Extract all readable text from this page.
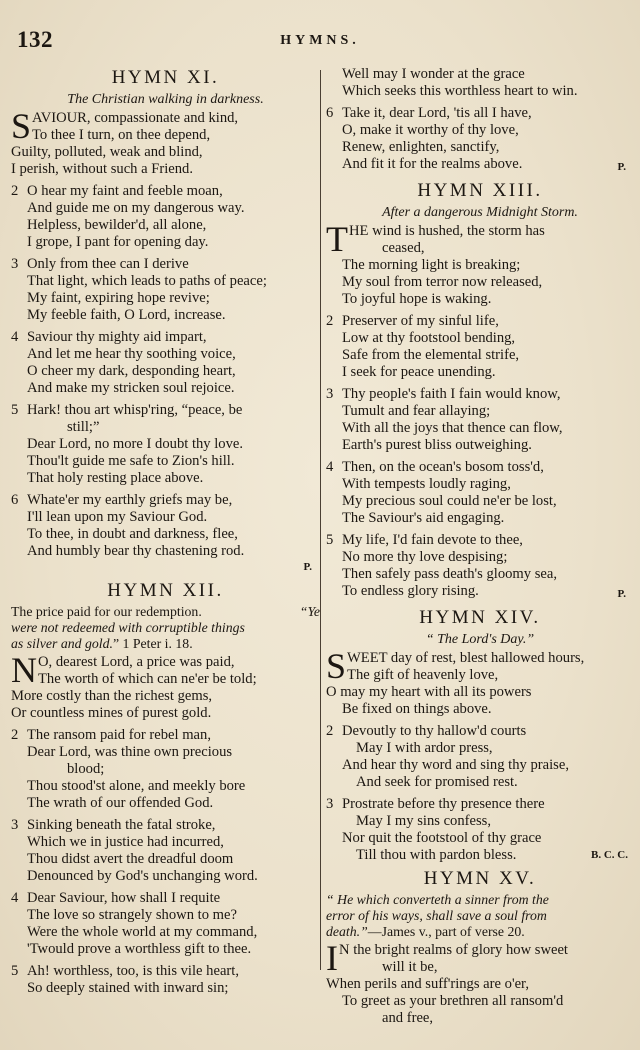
132	HYMNS.
HYMN XI.
The Christian walking in darkness.
S AVIOUR, compassionate and kind,
To thee I turn, on thee depend,
Guilty, polluted, weak and blind,
I perish, without such a Friend.
2 O hear my faint and feeble moan,
And guide me on my dangerous way.
Helpless, bewilder'd, all alone,
I grope, I pant for opening day.
3 Only from thee can I derive
That light, which leads to paths of peace;
My faint, expiring hope revive;
My feeble faith, O Lord, increase.
4 Saviour thy mighty aid impart,
And let me hear thy soothing voice,
O cheer my dark, desponding heart,
And make my stricken soul rejoice.
5 Hark! thou art whisp'ring, “peace, be
still;”
Dear Lord, no more I doubt thy love.
Thou'lt guide me safe to Zion's hill.
That holy resting place above.
6 Whate'er my earthly griefs may be,
I'll lean upon my Saviour God.
To thee, in doubt and darkness, flee,
And humbly bear thy chastening rod.
P.
HYMN XII.
The price paid for our redemption.	“Ye

were not redeemed with corruptible things
as silver and gold.” 1 Peter i. 18.
N O, dearest Lord, a price was paid,
The worth of which can ne'er be told;
More costly than the richest gems,
Or countless mines of purest gold.
2 The ransom paid for rebel man,
Dear Lord, was thine own precious
blood;
Thou stood'st alone, and meekly bore
The wrath of our offended God.
3 Sinking beneath the fatal stroke,
Which we in justice had incurred,
Thou didst avert the dreadful doom
Denounced by God's unchanging word.
4 Dear Saviour, how shall I requite
The love so strangely shown to me?
Were the whole world at my command,
'Twould prove a worthless gift to thee.
5 Ah! worthless, too, is this vile heart,
So deeply stained with inward sin;
Well may I wonder at the grace
Which seeks this worthless heart to win.
6 Take it, dear Lord, 'tis all I have,
O, make it worthy of thy love,
Renew, enlighten, sanctify,
And fit it for the realms above.	P.
HYMN XIII.
After a dangerous Midnight Storm.
T HE wind is hushed, the storm has
ceased,
The morning light is breaking;
My soul from terror now released,
To joyful hope is waking.
2 Preserver of my sinful life,
Low at thy footstool bending,
Safe from the elemental strife,
I seek for peace unending.
3 Thy people's faith I fain would know,
Tumult and fear allaying;
With all the joys that thence can flow,
Earth's purest bliss outweighing.
4 Then, on the ocean's bosom toss'd,
With tempests loudly raging,
My precious soul could ne'er be lost,
The Saviour's aid engaging.
5 My life, I'd fain devote to thee,
No more thy love despising;
Then safely pass death's gloomy sea,
To endless glory rising.	P.
HYMN XIV.
“ The Lord's Day.”
S WEET day of rest, blest hallowed hours,
The gift of heavenly love,
O may my heart with all its powers
Be fixed on things above.
2 Devoutly to thy hallow'd courts
May I with ardor press,
And hear thy word and sing thy praise,
And seek for promised rest.
3 Prostrate before thy presence there
May I my sins confess,
Nor quit the footstool of thy grace
Till thou with pardon bless.	B. C. C.
HYMN XV.
“ He which converteth a sinner from the
error of his ways, shall save a soul from
death.”—James v., part of verse 20.
I N the bright realms of glory how sweet
will it be,
When perils and suff'rings are o'er,
To greet as your brethren all ransom'd
and free,
